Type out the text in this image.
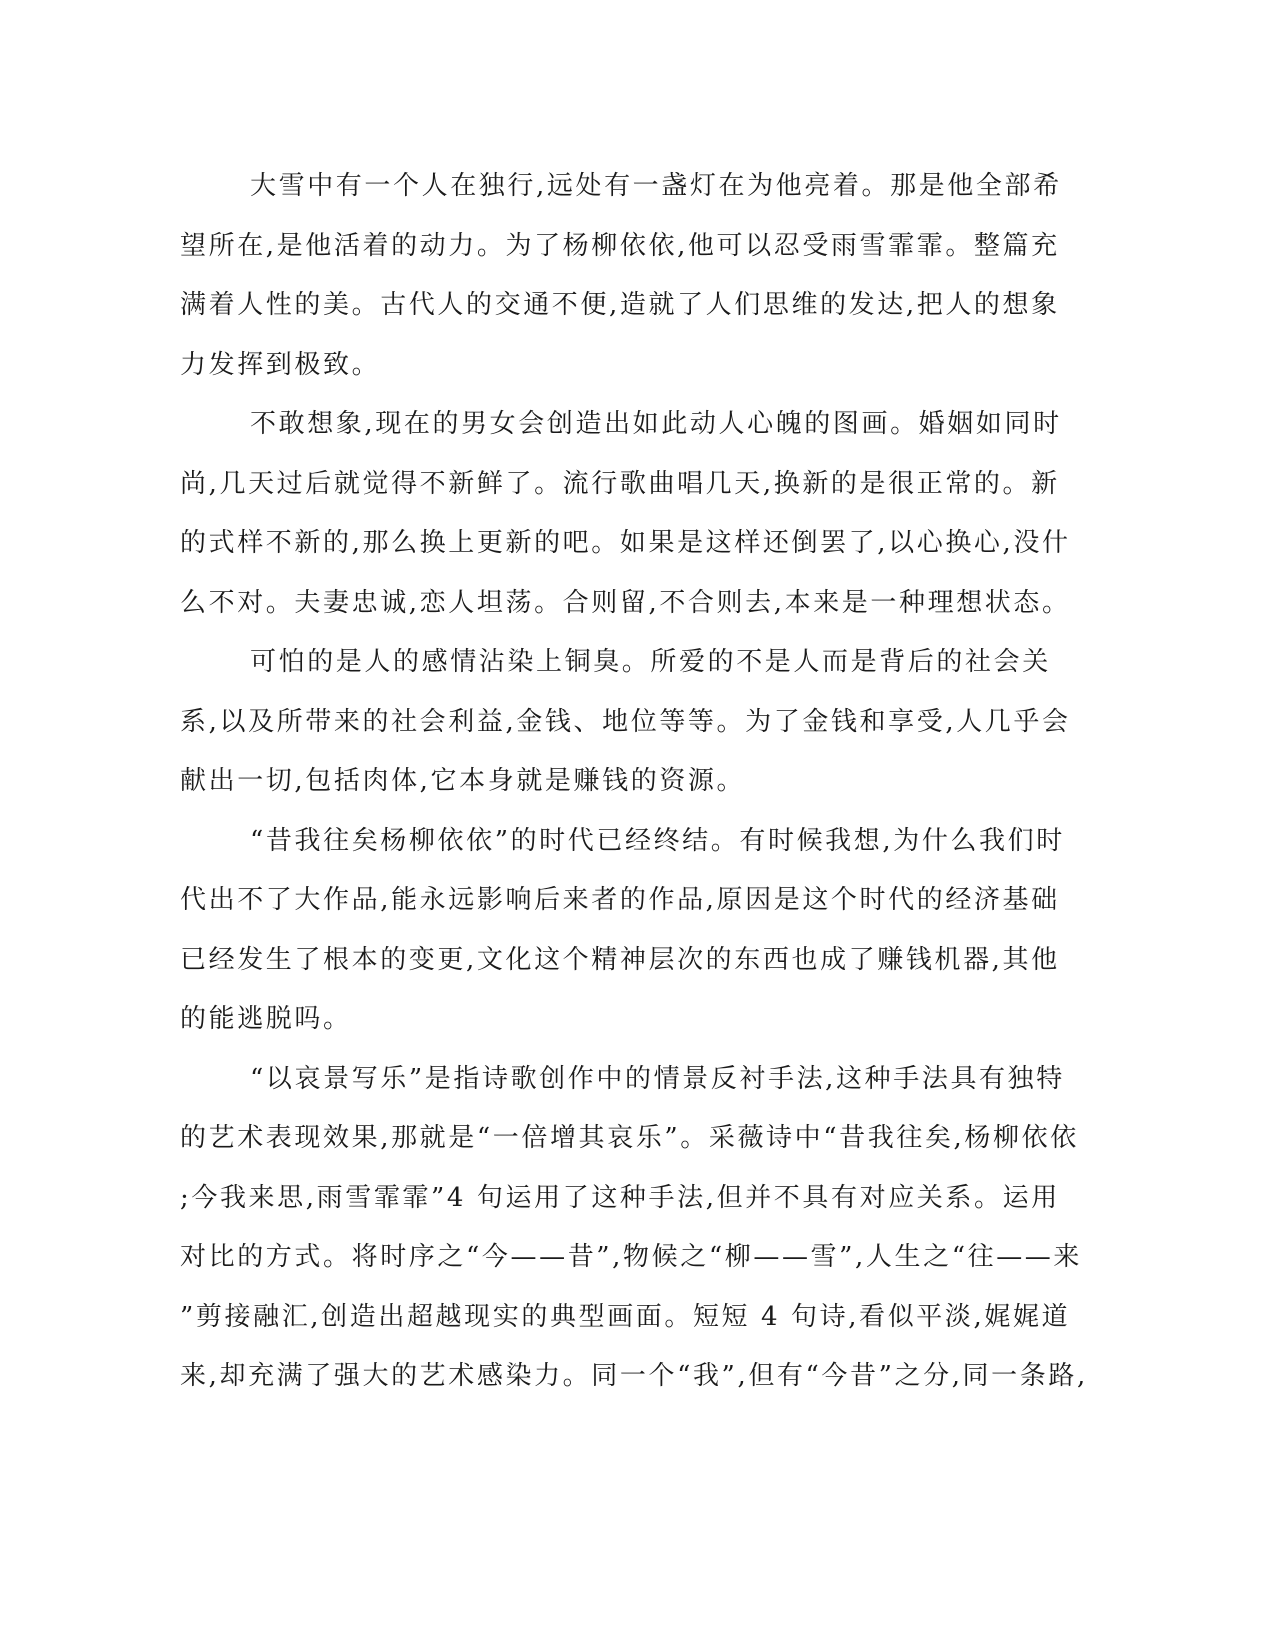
大雪中有一个人在独行,远处有一盏灯在为他亮着。那是他全部希
望所在,是他活着的动力。为了杨柳依依,他可以忍受雨雪霏霏。整篇充
满着人性的美。古代人的交通不便,造就了人们思维的发达,把人的想象
力发挥到极致。
不敢想象,现在的男女会创造出如此动人心魄的图画。婚姻如同时
尚,几天过后就觉得不新鲜了。流行歌曲唱几天,换新的是很正常的。新
的式样不新的,那么换上更新的吧。如果是这样还倒罢了,以心换心,没什
么不对。夫妻忠诚,恋人坦荡。合则留,不合则去,本来是一种理想状态。
可怕的是人的感情沾染上铜臭。所爱的不是人而是背后的社会关
系,以及所带来的社会利益,金钱、地位等等。为了金钱和享受,人几乎会
献出一切,包括肉体,它本身就是赚钱的资源。
“昔我往矣杨柳依依”的时代已经终结。有时候我想,为什么我们时
代出不了大作品,能永远影响后来者的作品,原因是这个时代的经济基础
已经发生了根本的变更,文化这个精神层次的东西也成了赚钱机器,其他
的能逃脱吗。
“以哀景写乐”是指诗歌创作中的情景反衬手法,这种手法具有独特
的艺术表现效果,那就是“一倍增其哀乐”。采薇诗中“昔我往矣,杨柳依依
;今我来思,雨雪霏霏”4 句运用了这种手法,但并不具有对应关系。运用
对比的方式。将时序之“今——昔”,物候之“柳——雪”,人生之“往——来
”剪接融汇,创造出超越现实的典型画面。短短 4 句诗,看似平淡,娓娓道
来,却充满了强大的艺术感染力。同一个“我”,但有“今昔”之分,同一条路,
